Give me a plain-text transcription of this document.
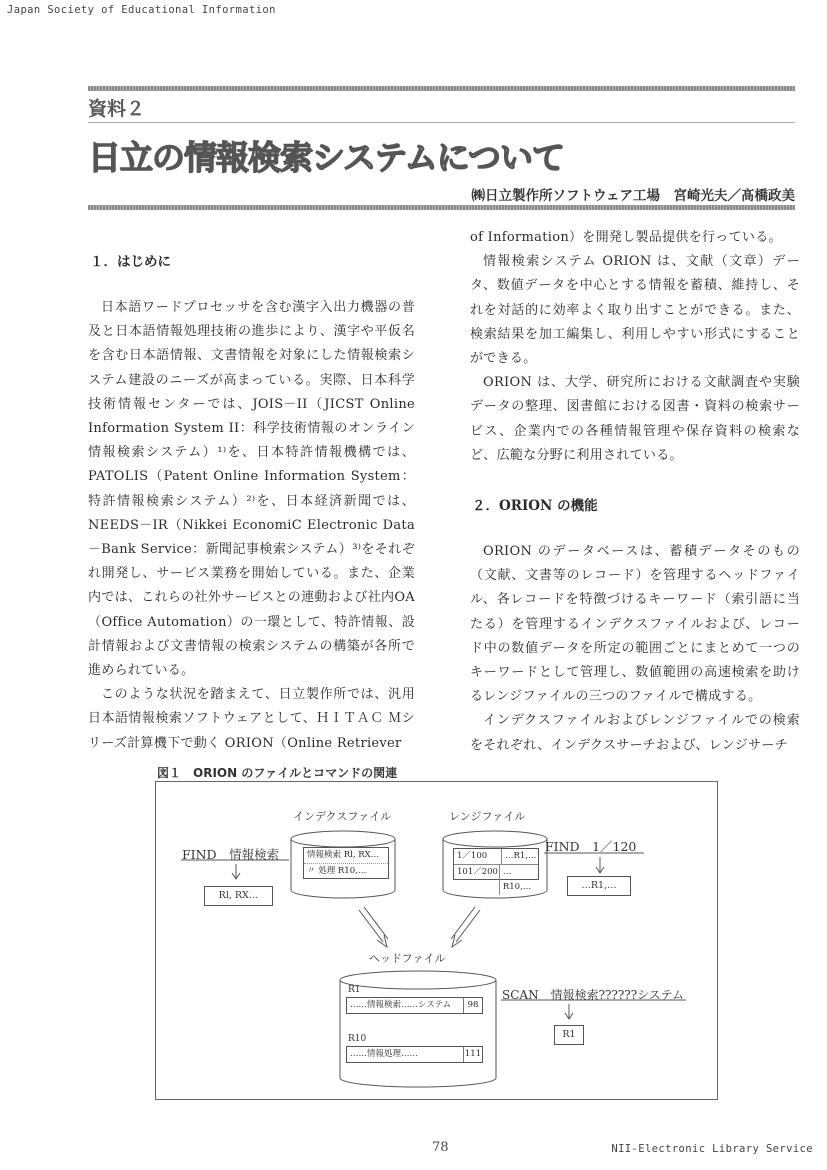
Japan Society of Educational Information
資料２
日立の情報検索システムについて
㈱日立製作所ソフトウェア工場　宮崎光夫／髙橋政美
１．はじめに

日本語ワードプロセッサを含む漢字入出力機器の普及と日本語情報処理技術の進歩により、漢字や平仮名を含む日本語情報、文書情報を対象にした情報検索システム建設のニーズが高まっている。実際、日本科学技術情報センターでは、JOIS－II（JICST Online Information System II：科学技術情報のオンライン情報検索システム）¹⁾を、日本特許情報機構では、PATOLIS（Patent Online Information System：特許情報検索システム）²⁾を、日本経済新聞では、NEEDS－IR（Nikkei EconomiC Electronic Data－Bank Service：新聞記事検索システム）³⁾をそれぞれ開発し、サービス業務を開始している。また、企業内では、これらの社外サービスとの連動および社内OA（Office Automation）の一環として、特許情報、設計情報および文書情報の検索システムの構築が各所で進められている。

このような状況を踏まえて、日立製作所では、汎用日本語情報検索ソフトウェアとして、ＨＩＴＡＣ Ｍシリーズ計算機下で動く ORION（Online Retriever

of Information）を開発し製品提供を行っている。

情報検索システム ORION は、文献（文章）データ、数値データを中心とする情報を蓄積、維持し、それを対話的に効率よく取り出すことができる。また、検索結果を加工編集し、利用しやすい形式にすることができる。

ORION は、大学、研究所における文献調査や実験データの整理、図書館における図書・資料の検索サービス、企業内での各種情報管理や保存資料の検索など、広範な分野に利用されている。

２．ORION の機能

ORION のデータベースは、蓄積データそのもの（文献、文書等のレコード）を管理するヘッドファイル、各レコードを特徴づけるキーワード（索引語に当たる）を管理するインデクスファイルおよび、レコード中の数値データを所定の範囲ごとにまとめて一つのキーワードとして管理し、数値範囲の高速検索を助けるレンジファイルの三つのファイルで構成する。

インデクスファイルおよびレンジファイルでの検索をそれぞれ、インデクスサーチおよび、レンジサーチ

図１　ORION のファイルとコマンドの関連
インデクスファイル	レンジファイル
FIND　情報検索
Rl, RX…
情報検索 Rl, RX…
〃 処理 R10,…
1／100	…R1,…
101／200 …R10,…
FIND　1／120
…R1,…
ヘッドファイル
R1
……情報検索……システム	98
R10
……情報処理……	111
SCAN　情報検索??????システム
R1
78	NII-Electronic Library Service
